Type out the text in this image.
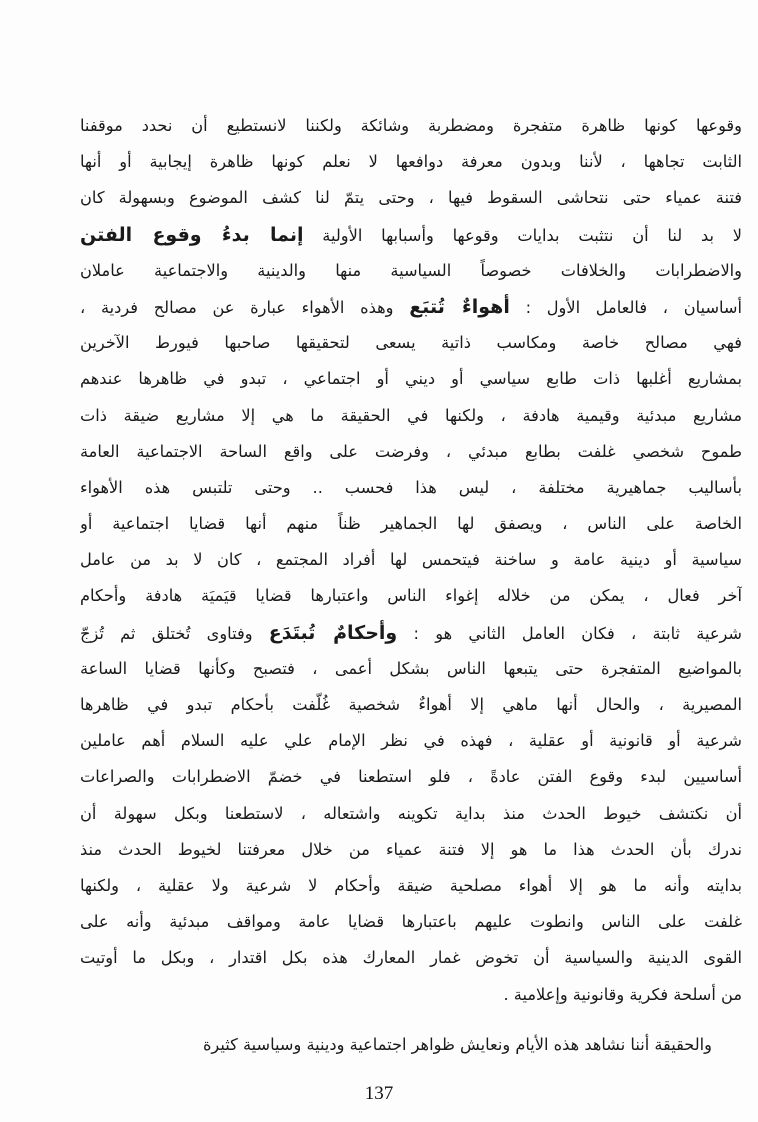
وقوعها كونها ظاهرة متفجرة ومضطربة وشائكة ولكننا لانستطيع أن نحدد موقفنا
الثابت تجاهها ، لأننا وبدون معرفة دوافعها لا نعلم كونها ظاهرة إيجابية أو أنها
فتنة عمياء حتى نتحاشى السقوط فيها ، وحتى يتمّ لنا كشف الموضوع وبسهولة كان
لا بد لنا أن نتثبت بدايات وقوعها وأسبابها الأولية إنما بدءُ وقوع الفتن
والاضطرابات والخلافات خصوصاً السياسية منها والدينية والاجتماعية عاملان
أساسيان ، فالعامل الأول : أهواءٌ تُتبَع وهذه الأهواء عبارة عن مصالح فردية ،
فهي مصالح خاصة ومكاسب ذاتية يسعى لتحقيقها صاحبها فيورط الآخرين
بمشاريع أغلبها ذات طابع سياسي أو ديني أو اجتماعي ، تبدو في ظاهرها عندهم
مشاريع مبدئية وقيمية هادفة ، ولكنها في الحقيقة ما هي إلا مشاريع ضيقة ذات
طموح شخصي غلفت بطابع مبدئي ، وفرضت على واقع الساحة الاجتماعية العامة
بأساليب جماهيرية مختلفة ، ليس هذا فحسب .. وحتى تلتبس هذه الأهواء
الخاصة على الناس ، ويصفق لها الجماهير ظناً منهم أنها قضايا اجتماعية أو
سياسية أو دينية عامة و ساخنة فيتحمس لها أفراد المجتمع ، كان لا بد من عامل
آخر فعال ، يمكن من خلاله إغواء الناس واعتبارها قضايا قيَميَة هادفة وأحكام
شرعية ثابتة ، فكان العامل الثاني هو : وأحكامٌ تُبتَدَع وفتاوى تُختلق ثم تُزجّ
بالمواضيع المتفجرة حتى يتبعها الناس بشكل أعمى ، فتصبح وكأنها قضايا الساعة
المصيرية ، والحال أنها ماهي إلا أهواءٌ شخصية غُلّفت بأحكام تبدو في ظاهرها
شرعية أو قانونية أو عقلية ، فهذه في نظر الإمام علي عليه السلام أهم عاملين
أساسيين لبدء وقوع الفتن عادةً ، فلو استطعنا في خضمّ الاضطرابات والصراعات
أن نكتشف خيوط الحدث منذ بداية تكوينه واشتعاله ، لاستطعنا وبكل سهولة أن
ندرك بأن الحدث هذا ما هو إلا فتنة عمياء من خلال معرفتنا لخيوط الحدث منذ
بدايته وأنه ما هو إلا أهواء مصلحية ضيقة وأحكام لا شرعية ولا عقلية ، ولكنها
غلفت على الناس وانطوت عليهم باعتبارها قضايا عامة ومواقف مبدئية وأنه على
القوى الدينية والسياسية أن تخوض غمار المعارك هذه بكل اقتدار ، وبكل ما أوتيت
من أسلحة فكرية وقانونية وإعلامية .
والحقيقة أننا نشاهد هذه الأيام ونعايش ظواهر اجتماعية ودينية وسياسية كثيرة
137
